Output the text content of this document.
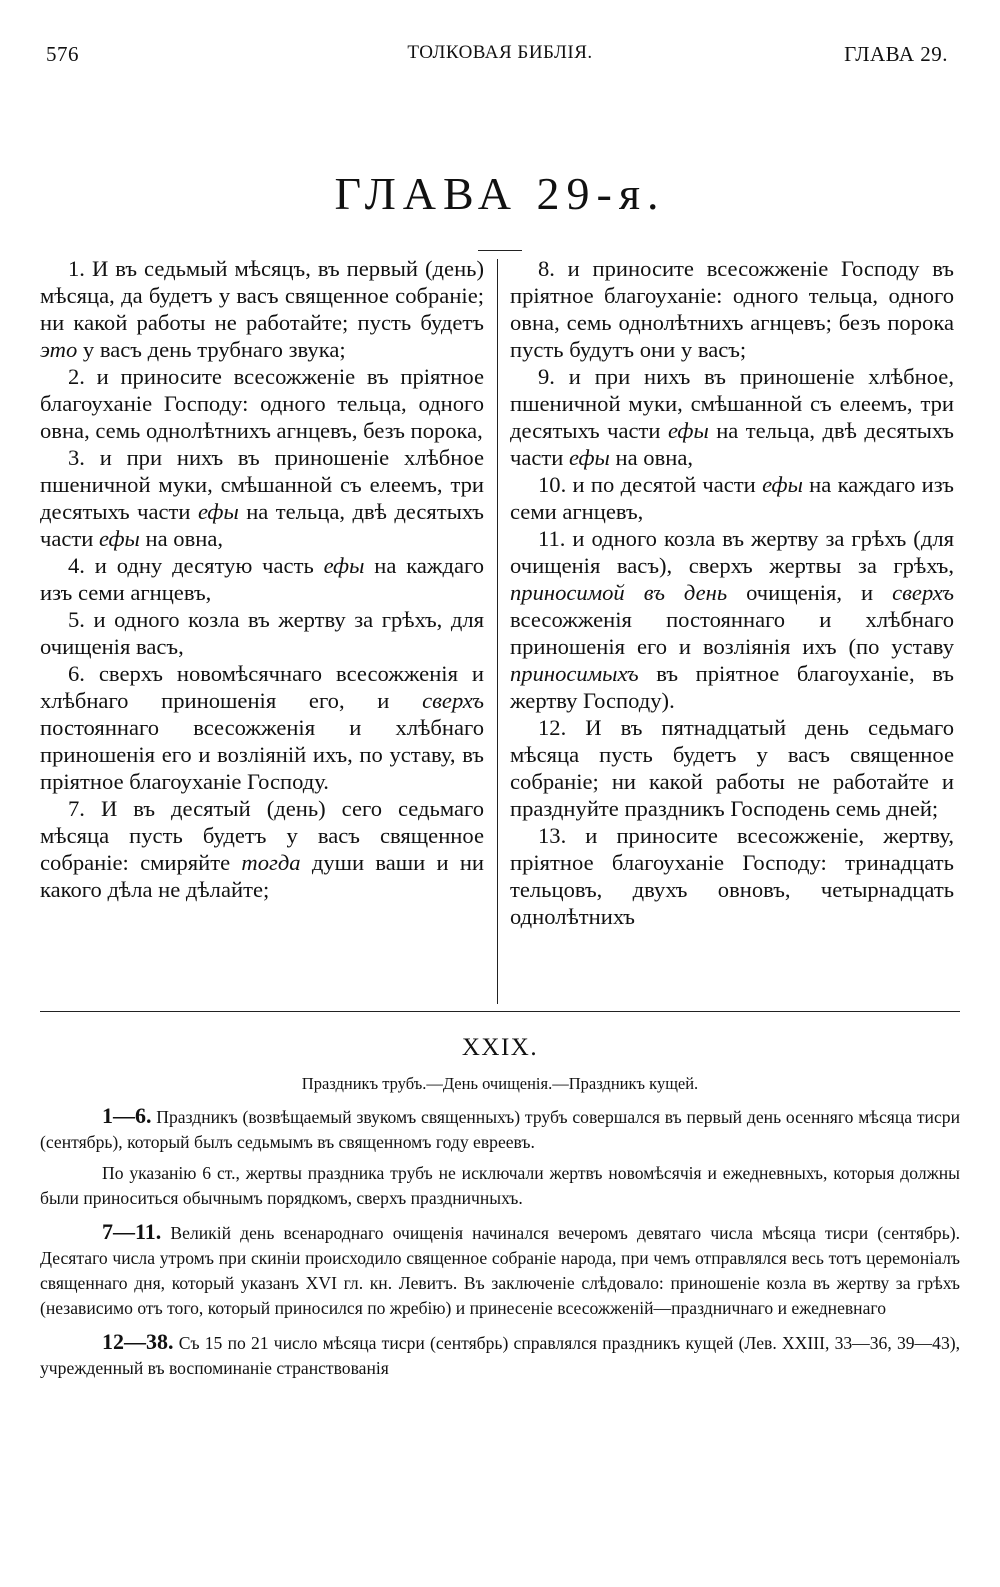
576	ТОЛКОВАЯ БИБЛІЯ.	ГЛАВА 29.
ГЛАВА 29-я.

1. И въ седьмый мѣсяцъ, въ первый (день) мѣсяца, да будетъ у васъ священное собраніе; ни какой работы не работайте; пусть будетъ это у васъ день трубнаго звука;

2. и приносите всесожженіе въ пріятное благоуханіе Господу: одного тельца, одного овна, семь однолѣтнихъ агнцевъ, безъ порока,

3. и при нихъ въ приношеніе хлѣбное пшеничной муки, смѣшанной съ елеемъ, три десятыхъ части ефы на тельца, двѣ десятыхъ части ефы на овна,

4. и одну десятую часть ефы на каждаго изъ семи агнцевъ,

5. и одного козла въ жертву за грѣхъ, для очищенія васъ,

6. сверхъ новомѣсячнаго всесожженія и хлѣбнаго приношенія его, и сверхъ постояннаго всесожженія и хлѣбнаго приношенія его и возліяній ихъ, по уставу, въ пріятное благоуханіе Господу.

7. И въ десятый (день) сего седьмаго мѣсяца пусть будетъ у васъ священное собраніе: смиряйте тогда души ваши и ни какого дѣла не дѣлайте;

8. и приносите всесожженіе Господу въ пріятное благоуханіе: одного тельца, одного овна, семь однолѣтнихъ агнцевъ; безъ порока пусть будутъ они у васъ;

9. и при нихъ въ приношеніе хлѣбное, пшеничной муки, смѣшанной съ елеемъ, три десятыхъ части ефы на тельца, двѣ десятыхъ части ефы на овна,

10. и по десятой части ефы на каждаго изъ семи агнцевъ,

11. и одного козла въ жертву за грѣхъ (для очищенія васъ), сверхъ жертвы за грѣхъ, приносимой въ день очищенія, и сверхъ всесожженія постояннаго и хлѣбнаго приношенія его и возліянія ихъ (по уставу приносимыхъ въ пріятное благоуханіе, въ жертву Господу).

12. И въ пятнадцатый день седьмаго мѣсяца пусть будетъ у васъ священное собраніе; ни какой работы не работайте и празднуйте праздникъ Господень семь дней;

13. и приносите всесожженіе, жертву, пріятное благоуханіе Господу: тринадцать тельцовъ, двухъ овновъ, четырнадцать однолѣтнихъ

XXIX.
Праздникъ трубъ.—День очищенія.—Праздникъ кущей.

1—6. Праздникъ (возвѣщаемый звукомъ священныхъ) трубъ совершался въ первый день осенняго мѣсяца тисри (сентябрь), который былъ седьмымъ въ священномъ году евреевъ.

По указанію 6 ст., жертвы праздника трубъ не исключали жертвъ новомѣсячія и ежедневныхъ, которыя должны были приноситься обычнымъ порядкомъ, сверхъ праздничныхъ.

7—11. Великій день всенароднаго очищенія начинался вечеромъ девятаго числа мѣсяца тисри (сентябрь). Десятаго числа утромъ при скиніи происходило священное собраніе народа, при чемъ отправлялся весь тотъ церемоніалъ священнаго дня, который указанъ XVI гл. кн. Левитъ. Въ заключеніе слѣдовало: приношеніе козла въ жертву за грѣхъ (независимо отъ того, который приносился по жребію) и принесеніе всесожженій—праздничнаго и ежедневнаго

12—38. Съ 15 по 21 число мѣсяца тисри (сентябрь) справлялся праздникъ кущей (Лев. XXIII, 33—36, 39—43), учрежденный въ воспоминаніе странствованія
